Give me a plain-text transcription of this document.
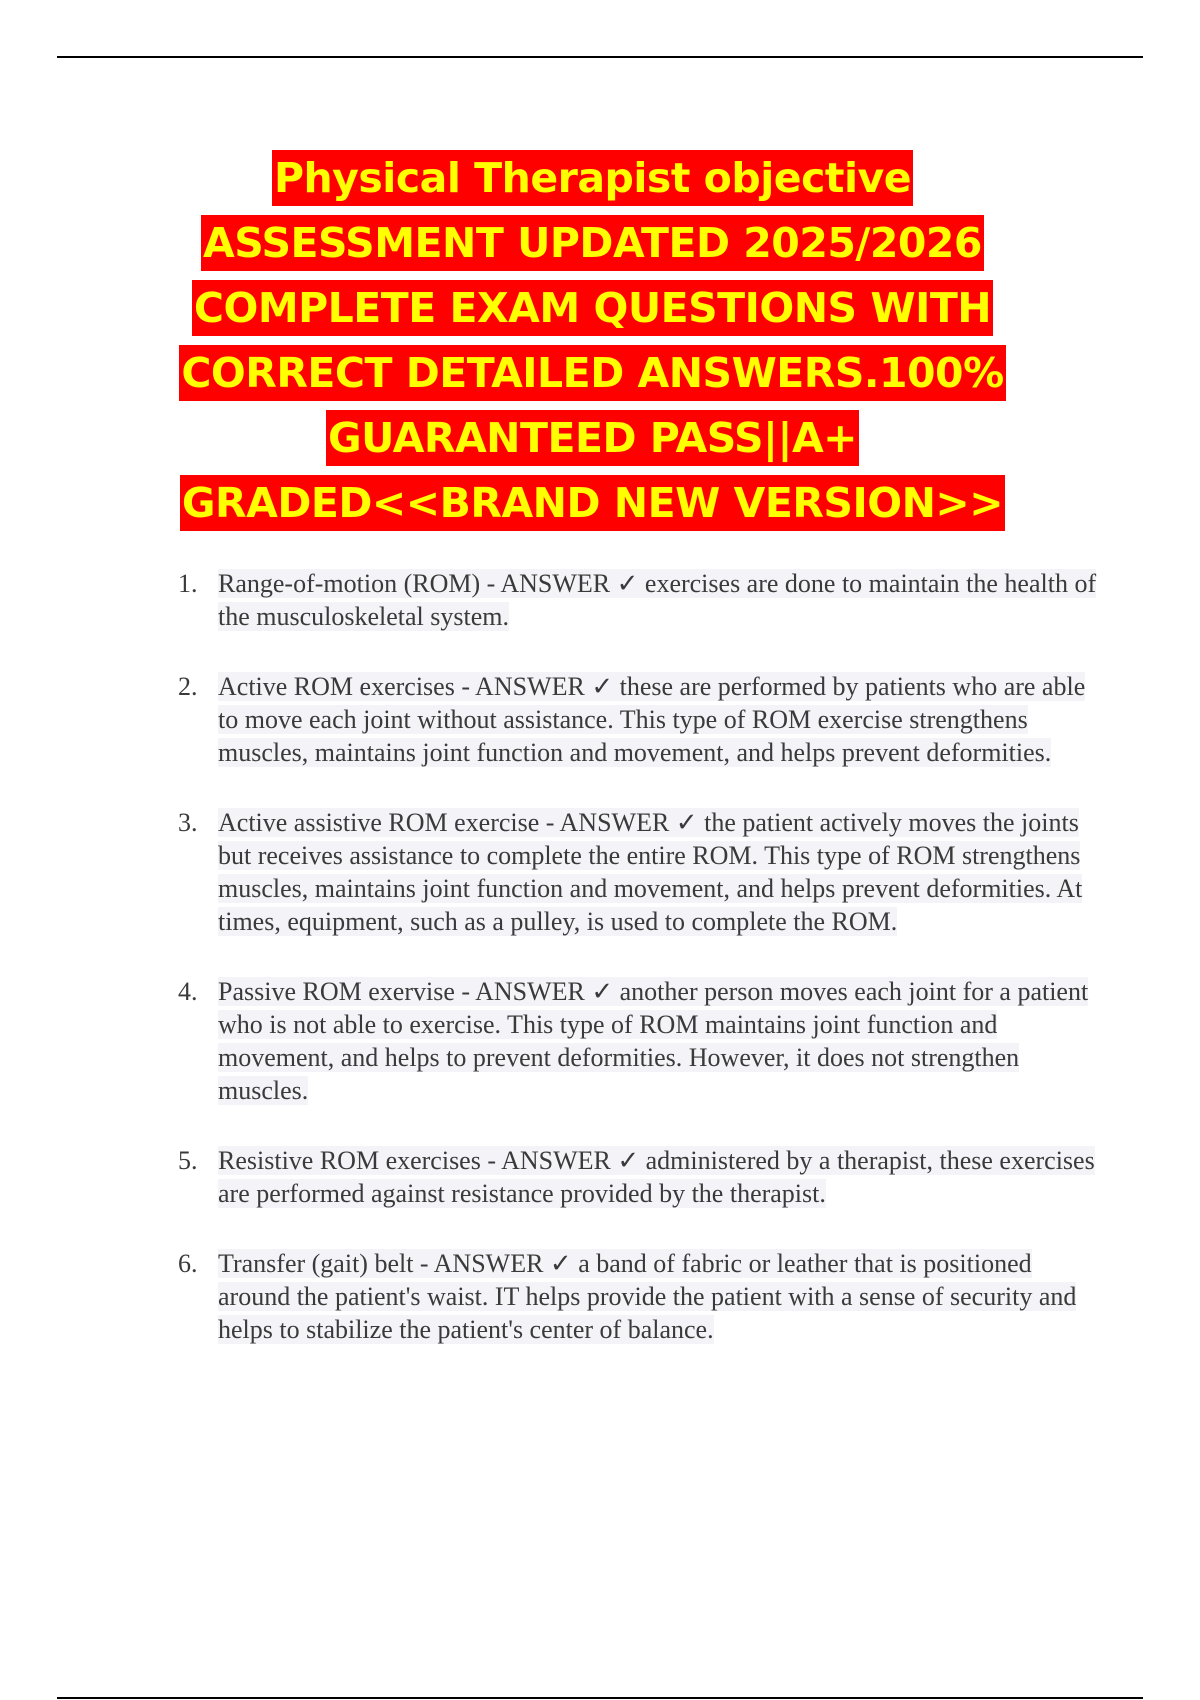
Physical Therapist objective
ASSESSMENT UPDATED 2025/2026
COMPLETE EXAM QUESTIONS WITH
CORRECT DETAILED ANSWERS.100%
GUARANTEED PASS||A+
GRADED<<BRAND NEW VERSION>>
1. Range-of-motion (ROM) - ANSWER ✓ exercises are done to maintain the health of the musculoskeletal system.
2. Active ROM exercises - ANSWER ✓ these are performed by patients who are able to move each joint without assistance. This type of ROM exercise strengthens muscles, maintains joint function and movement, and helps prevent deformities.
3. Active assistive ROM exercise - ANSWER ✓ the patient actively moves the joints but receives assistance to complete the entire ROM. This type of ROM strengthens muscles, maintains joint function and movement, and helps prevent deformities. At times, equipment, such as a pulley, is used to complete the ROM.
4. Passive ROM exervise - ANSWER ✓ another person moves each joint for a patient who is not able to exercise. This type of ROM maintains joint function and movement, and helps to prevent deformities. However, it does not strengthen muscles.
5. Resistive ROM exercises - ANSWER ✓ administered by a therapist, these exercises are performed against resistance provided by the therapist.
6. Transfer (gait) belt - ANSWER ✓ a band of fabric or leather that is positioned around the patient's waist. IT helps provide the patient with a sense of security and helps to stabilize the patient's center of balance.
